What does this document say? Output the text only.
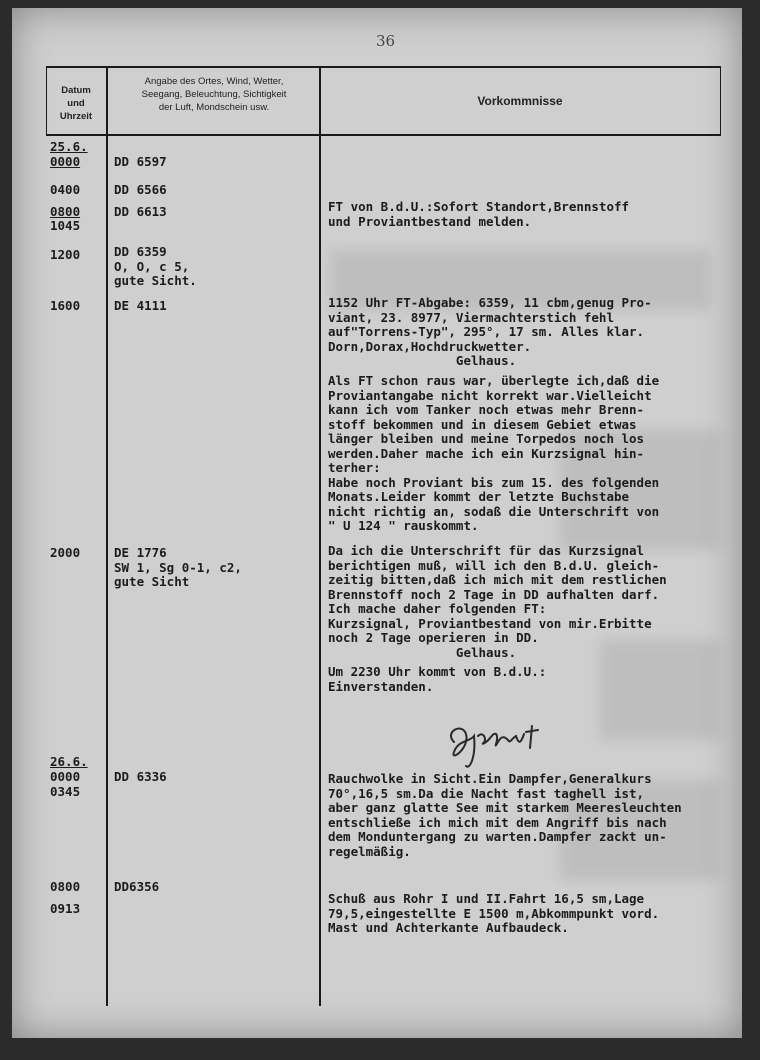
36
Datum
und
Uhrzeit
Angabe des Ortes, Wind, Wetter,
Seegang, Beleuchtung, Sichtigkeit
der Luft, Mondschein usw.	Vorkommnisse
25.6.
0000
0400
0800
1045
1200
1600
2000
26.6.
0000
0345
0800
0913
DD 6597
DD 6566
DD 6613
DD 6359
O, O, c 5,
gute Sicht.
DE 4111
DE 1776
SW 1, Sg 0-1, c2,
gute Sicht
DD 6336
DD6356
FT von B.d.U.:Sofort Standort,Brennstoff
und Proviantbestand melden.
1152 Uhr FT-Abgabe: 6359, 11 cbm,genug Pro-
viant, 23. 8977, Viermachterstich fehl
auf"Torrens-Typ", 295°, 17 sm. Alles klar.
Dorn,Dorax,Hochdruckwetter.
Gelhaus.
Als FT schon raus war, überlegte ich,daß die
Proviantangabe nicht korrekt war.Vielleicht
kann ich vom Tanker noch etwas mehr Brenn-
stoff bekommen und in diesem Gebiet etwas
länger bleiben und meine Torpedos noch los
werden.Daher mache ich ein Kurzsignal hin-
terher:
Habe noch Proviant bis zum 15. des folgenden
Monats.Leider kommt der letzte Buchstabe
nicht richtig an, sodaß die Unterschrift von
" U 124 " rauskommt.
Da ich die Unterschrift für das Kurzsignal
berichtigen muß, will ich den B.d.U. gleich-
zeitig bitten,daß ich mich mit dem restlichen
Brennstoff noch 2 Tage in DD aufhalten darf.
Ich mache daher folgenden FT:
Kurzsignal, Proviantbestand von mir.Erbitte
noch 2 Tage operieren in DD.
Gelhaus.
Um 2230 Uhr kommt von B.d.U.:
Einverstanden.
Rauchwolke in Sicht.Ein Dampfer,Generalkurs
70°,16,5 sm.Da die Nacht fast taghell ist,
aber ganz glatte See mit starkem Meeresleuchten
entschließe ich mich mit dem Angriff bis nach
dem Monduntergang zu warten.Dampfer zackt un-
regelmäßig.
Schuß aus Rohr I und II.Fahrt 16,5 sm,Lage
79,5,eingestellte E 1500 m,Abkommpunkt vord.
Mast und Achterkante Aufbaudeck.
